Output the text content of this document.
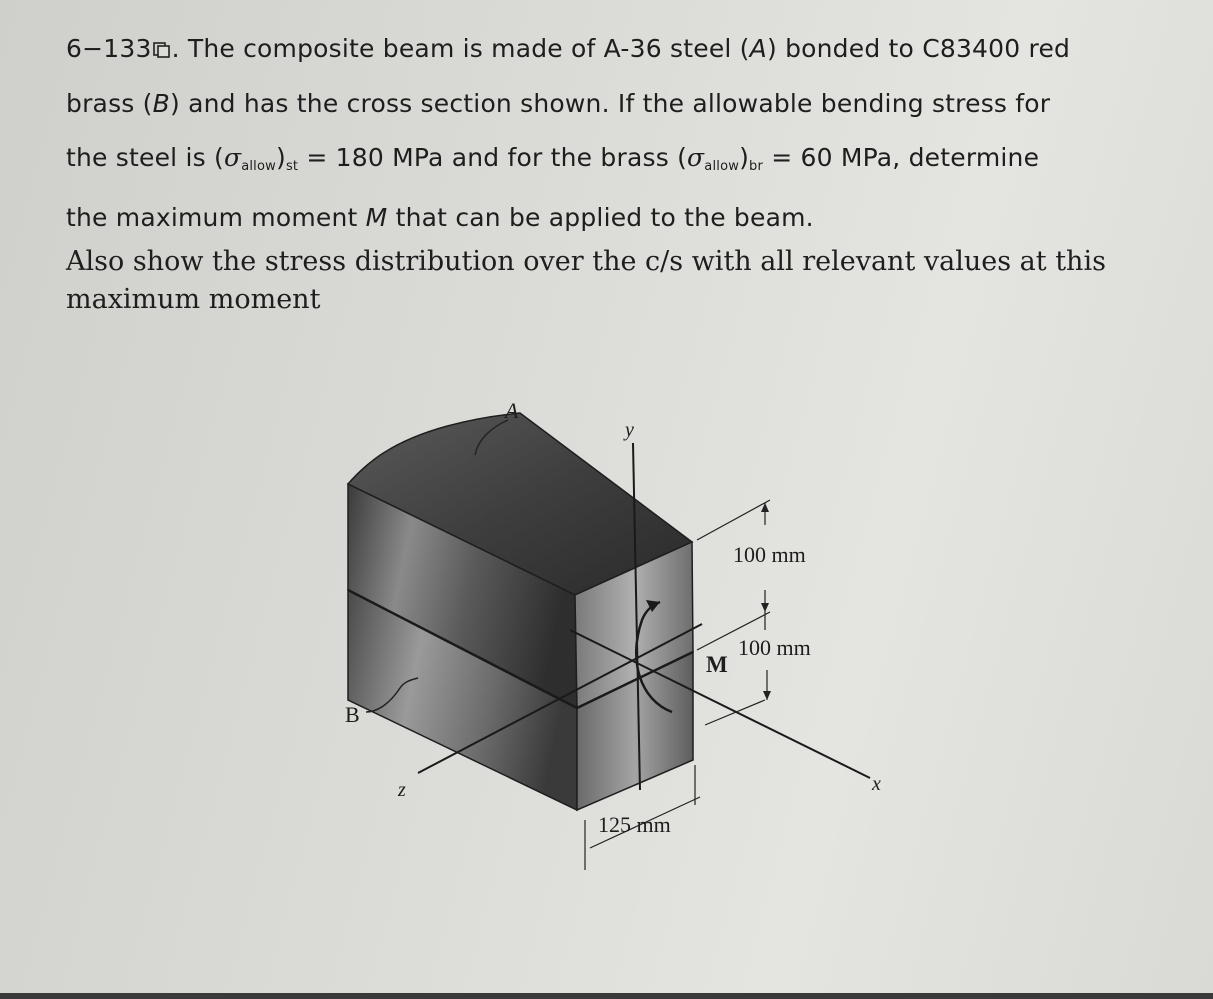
6−133 . The composite beam is made of A-36 steel (A) bonded to C83400 red

brass (B) and has the cross section shown. If the allowable bending stress for

the steel is (σallow)st = 180 MPa and for the brass (σallow)br = 60 MPa, determine

the maximum moment M that can be applied to the beam.

Also show the stress distribution over the c/s with all relevant values at this

maximum moment

A
B
y
z	x
M
100 mm
100 mm
125 mm
